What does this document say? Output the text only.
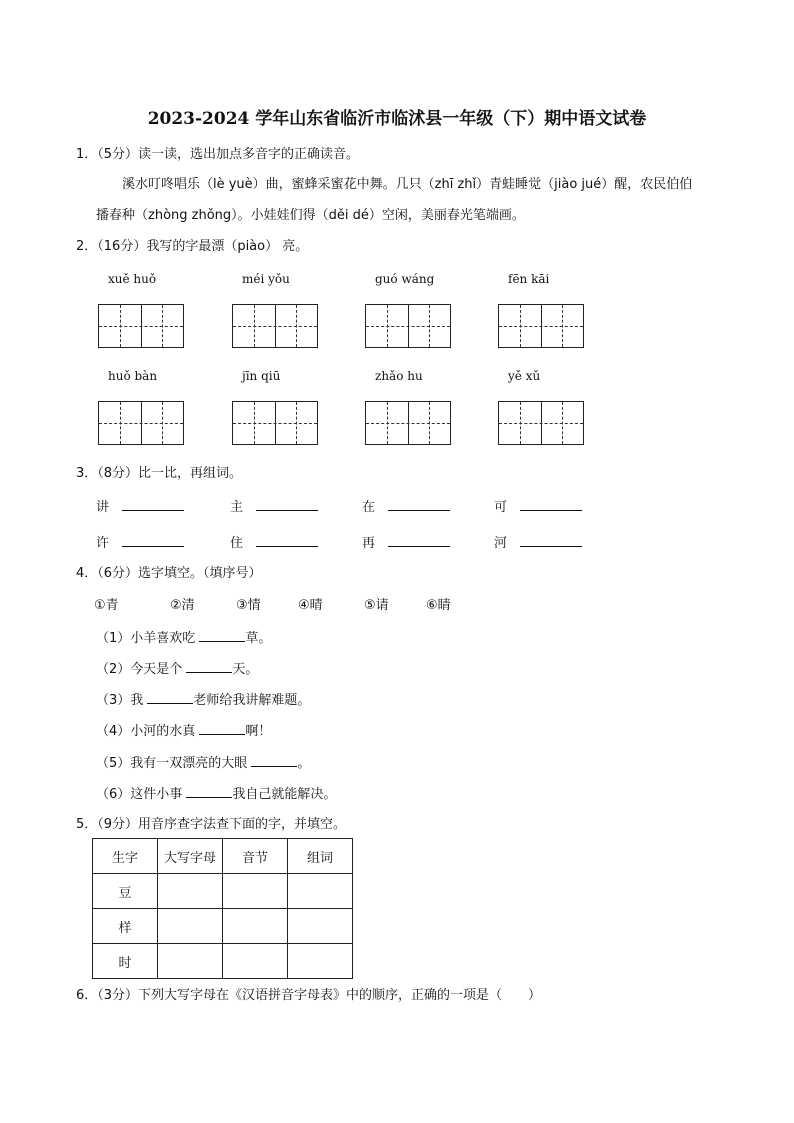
2023-2024 学年山东省临沂市临沭县一年级（下）期中语文试卷
1．（5分）读一读，选出加点多音字的正确读音。
溪水叮咚唱乐（lè yuè）曲，蜜蜂采蜜花中舞。几只（zhī zhǐ）青蛙睡觉（jiào jué）醒，农民伯伯
播春种（zhòng zhǒng）。小娃娃们得（děi dé）空闲，美丽春光笔端画。
2．（16分）我写的字最漂（piào） 亮。
xuě huǒ	méi yǒu	guó wáng	fēn kāi
huǒ bàn	jīn qiū	zhǎo hu	yě xǔ
3．（8分）比一比，再组词。
讲　	主　	在　	可　
许　	住　	再　	河　
4．（6分）选字填空。（填序号）
①青	②清	③情	④晴	⑤请	⑥睛
（1）小羊喜欢吃	草。
（2）今天是个	天。
（3）我	老师给我讲解难题。
（4）小河的水真	啊！
（5）我有一双漂亮的大眼	。
（6）这件小事	我自己就能解决。
5．（9分）用音序查字法查下面的字，并填空。
生字	大写字母	音节	组词
豆			
样			
时			
6．（3分）下列大写字母在《汉语拼音字母表》中的顺序，正确的一项是（　　）
